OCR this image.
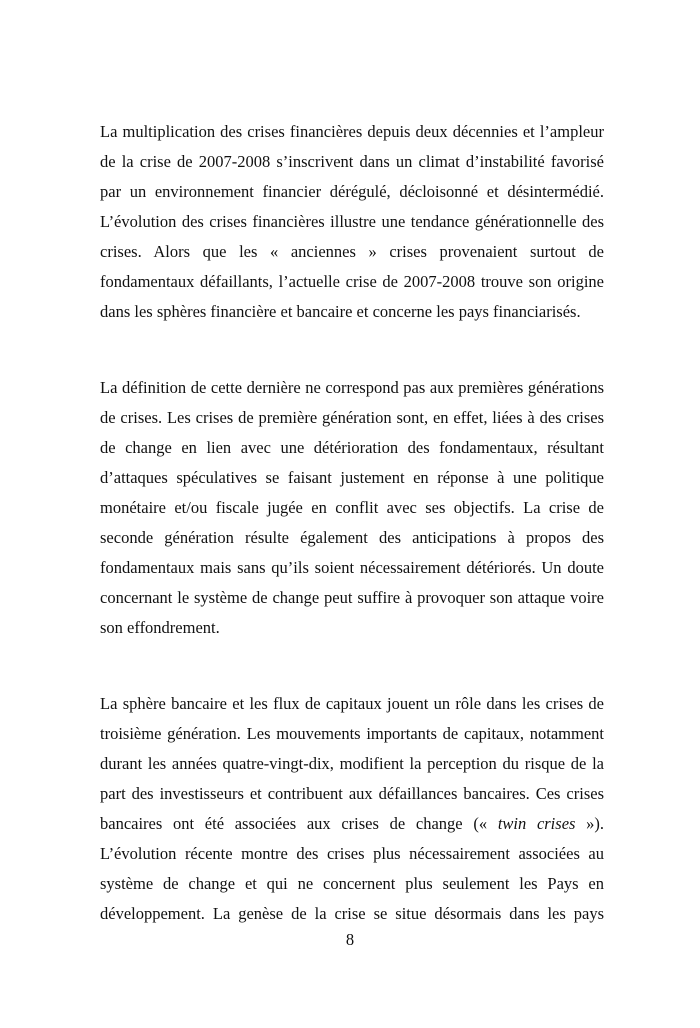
La multiplication des crises financières depuis deux décennies et l’ampleur
de la crise de 2007-2008 s’inscrivent dans un climat d’instabilité favorisé
par un environnement financier dérégulé, décloisonné et désintermédié.
L’évolution des crises financières illustre une tendance générationnelle des
crises. Alors que les « anciennes » crises provenaient surtout de
fondamentaux défaillants, l’actuelle crise de 2007-2008 trouve son origine
dans les sphères financière et bancaire et concerne les pays financiarisés.
La définition de cette dernière ne correspond pas aux premières générations
de crises. Les crises de première génération sont, en effet, liées à des crises
de change en lien avec une détérioration des fondamentaux, résultant
d’attaques spéculatives se faisant justement en réponse à une politique
monétaire et/ou fiscale jugée en conflit avec ses objectifs. La crise de
seconde génération résulte également des anticipations à propos des
fondamentaux mais sans qu’ils soient nécessairement détériorés. Un doute
concernant le système de change peut suffire à provoquer son attaque voire
son effondrement.
La sphère bancaire et les flux de capitaux jouent un rôle dans les crises de
troisième génération. Les mouvements importants de capitaux, notamment
durant les années quatre-vingt-dix, modifient la perception du risque de la
part des investisseurs et contribuent aux défaillances bancaires. Ces crises
bancaires ont été associées aux crises de change (« twin crises »).
L’évolution récente montre des crises plus nécessairement associées au
système de change et qui ne concernent plus seulement les Pays en
développement. La genèse de la crise se situe désormais dans les pays
8
